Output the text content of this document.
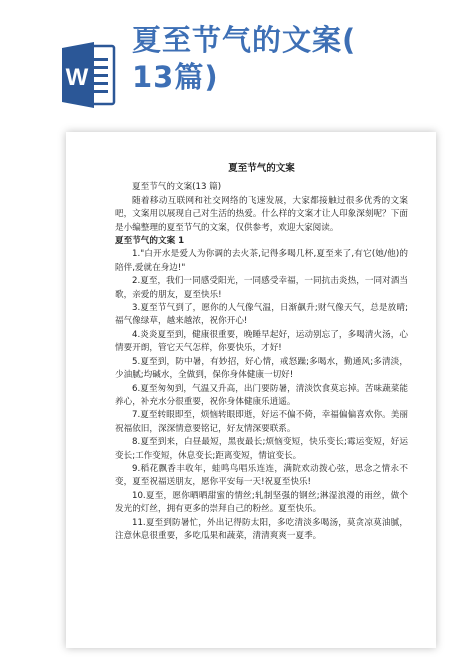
W
夏至节气的文案(
13篇)
夏至节气的文案
夏至节气的文案(13 篇)
随着移动互联网和社交网络的飞速发展，大家都接触过很多优秀的文案吧，文案用以展现自己对生活的热爱。什么样的文案才让人印象深刻呢？下面是小编整理的夏至节气的文案，仅供参考，欢迎大家阅读。
夏至节气的文案 1
1."白开水是爱人为你调的去火茶,记得多喝几杯,夏至来了,有它(她/他)的陪伴,爱就在身边!"
2.夏至，我们一同感受阳光，一同感受幸福，一同抗击炎热，一同对酒当歌，亲爱的朋友，夏至快乐!
3.夏至节气到了，愿你的人气像气温，日渐飙升;财气像天气，总是放晴;福气像绿草，越来越浓，祝你开心!
4.炎炎夏至到，健康很重要，晚睡早起好，运动别忘了，多喝清火汤，心情要开朗，管它天气怎样，你要快乐，才好!
5.夏至到，防中暑，有妙招，好心情，戒怒躁;多喝水，勤通风;多清淡，少油腻;均碱水，全做到，保你身体健康一切好!
6.夏至匆匆到，气温又升高，出门要防暑，清淡饮食莫忘掉。苦味蔬菜能养心，补充水分很重要，祝你身体健康乐逍遥。
7.夏至转眼即至，烦恼转眼即逝，好运不偏不倚，幸福偏偏喜欢你。美丽祝福依旧，深深情意要铭记，好友情深要联系。
8.夏至到来，白昼最短，黑夜最长;烦恼变短，快乐变长;霉运变短，好运变长;工作变短，休息变长;距离变短，情谊变长。
9.稻花飘香丰收年，蛙鸣鸟唱乐连连，满院欢动拨心弦，思念之情永不变，夏至祝福送朋友，愿你平安每一天!祝夏至快乐!
10.夏至，愿你晒晒甜蜜的情丝;轧制坚强的钢丝;淋湿浪漫的雨丝，做个发光的灯丝，拥有更多的崇拜自己的粉丝。夏至快乐。
11.夏至到防暑忙，外出记得防太阳，多吃清淡多喝汤，莫贪凉莫油腻，注意休息很重要，多吃瓜果和蔬菜，清清爽爽一夏季。
